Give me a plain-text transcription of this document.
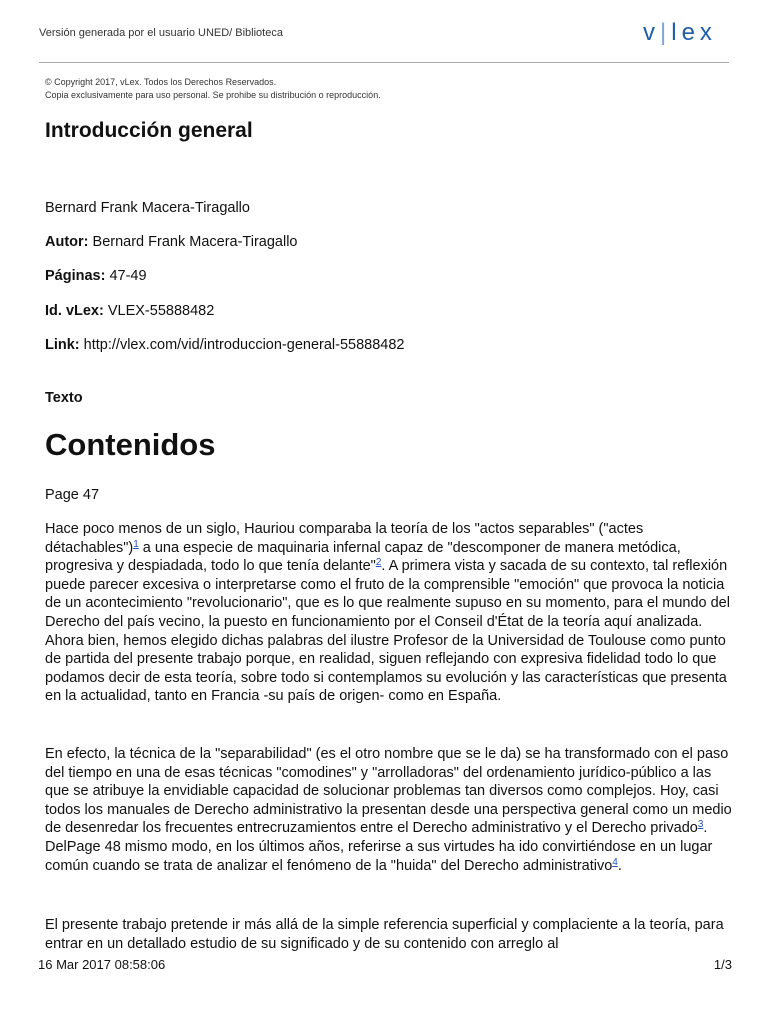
Versión generada por el usuario UNED/ Biblioteca	v|lex
© Copyright 2017, vLex. Todos los Derechos Reservados.
Copia exclusivamente para uso personal. Se prohibe su distribución o reproducción.
Introducción general

Bernard Frank Macera-Tiragallo

Autor: Bernard Frank Macera-Tiragallo

Páginas: 47-49

Id. vLex: VLEX-55888482

Link: http://vlex.com/vid/introduccion-general-55888482

Texto

Contenidos

Page 47

Hace poco menos de un siglo, Hauriou comparaba la teoría de los "actos separables" ("actes détachables")$^1$ a una especie de maquinaria infernal capaz de "descomponer de manera metódica, progresiva y despiadada, todo lo que tenía delante"$^2$. A primera vista y sacada de su contexto, tal reflexión puede parecer excesiva o interpretarse como el fruto de la comprensible "emoción" que provoca la noticia de un acontecimiento "revolucionario", que es lo que realmente supuso en su momento, para el mundo del Derecho del país vecino, la puesto en funcionamiento por el Conseil d'État de la teoría aquí analizada. Ahora bien, hemos elegido dichas palabras del ilustre Profesor de la Universidad de Toulouse como punto de partida del presente trabajo porque, en realidad, siguen reflejando con expresiva fidelidad todo lo que podamos decir de esta teoría, sobre todo si contemplamos su evolución y las características que presenta en la actualidad, tanto en Francia -su país de origen- como en España.

En efecto, la técnica de la "separabilidad" (es el otro nombre que se le da) se ha transformado con el paso del tiempo en una de esas técnicas "comodines" y "arrolladoras" del ordenamiento jurídico-público a las que se atribuye la envidiable capacidad de solucionar problemas tan diversos como complejos. Hoy, casi todos los manuales de Derecho administrativo la presentan desde una perspectiva general como un medio de desenredar los frecuentes entrecruzamientos entre el Derecho administrativo y el Derecho privado$^3$. DelPage 48 mismo modo, en los últimos años, referirse a sus virtudes ha ido convirtiéndose en un lugar común cuando se trata de analizar el fenómeno de la "huida" del Derecho administrativo$^4$.

El presente trabajo pretende ir más allá de la simple referencia superficial y complaciente a la teoría, para entrar en un detallado estudio de su significado y de su contenido con arreglo al

16 Mar 2017 08:58:06	1/3
